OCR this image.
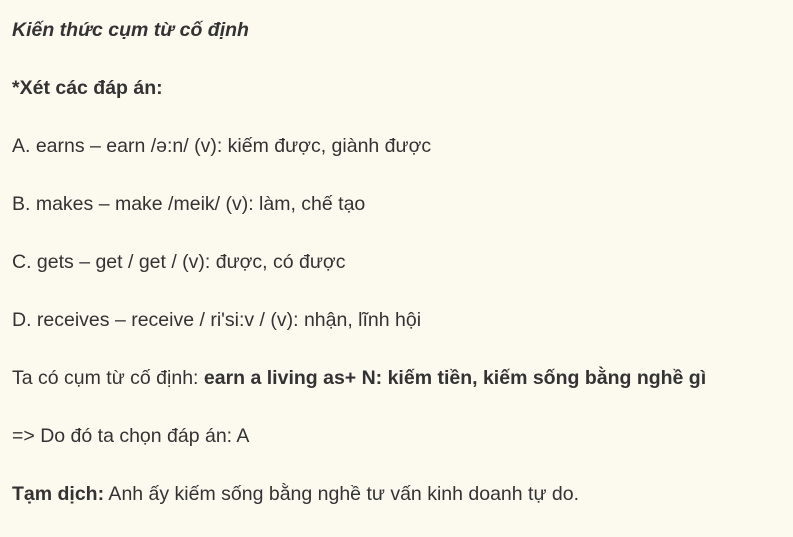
Kiến thức cụm từ cố định
*Xét các đáp án:
A. earns – earn /ə:n/ (v): kiếm được, giành được
B. makes – make /meik/ (v): làm, chế tạo
C. gets – get / get / (v): được, có được
D. receives – receive / ri'si:v / (v): nhận, lĩnh hội
Ta có cụm từ cố định: earn a living as+ N: kiếm tiền, kiếm sống bằng nghề gì
=> Do đó ta chọn đáp án: A
Tạm dịch: Anh ấy kiếm sống bằng nghề tư vấn kinh doanh tự do.
